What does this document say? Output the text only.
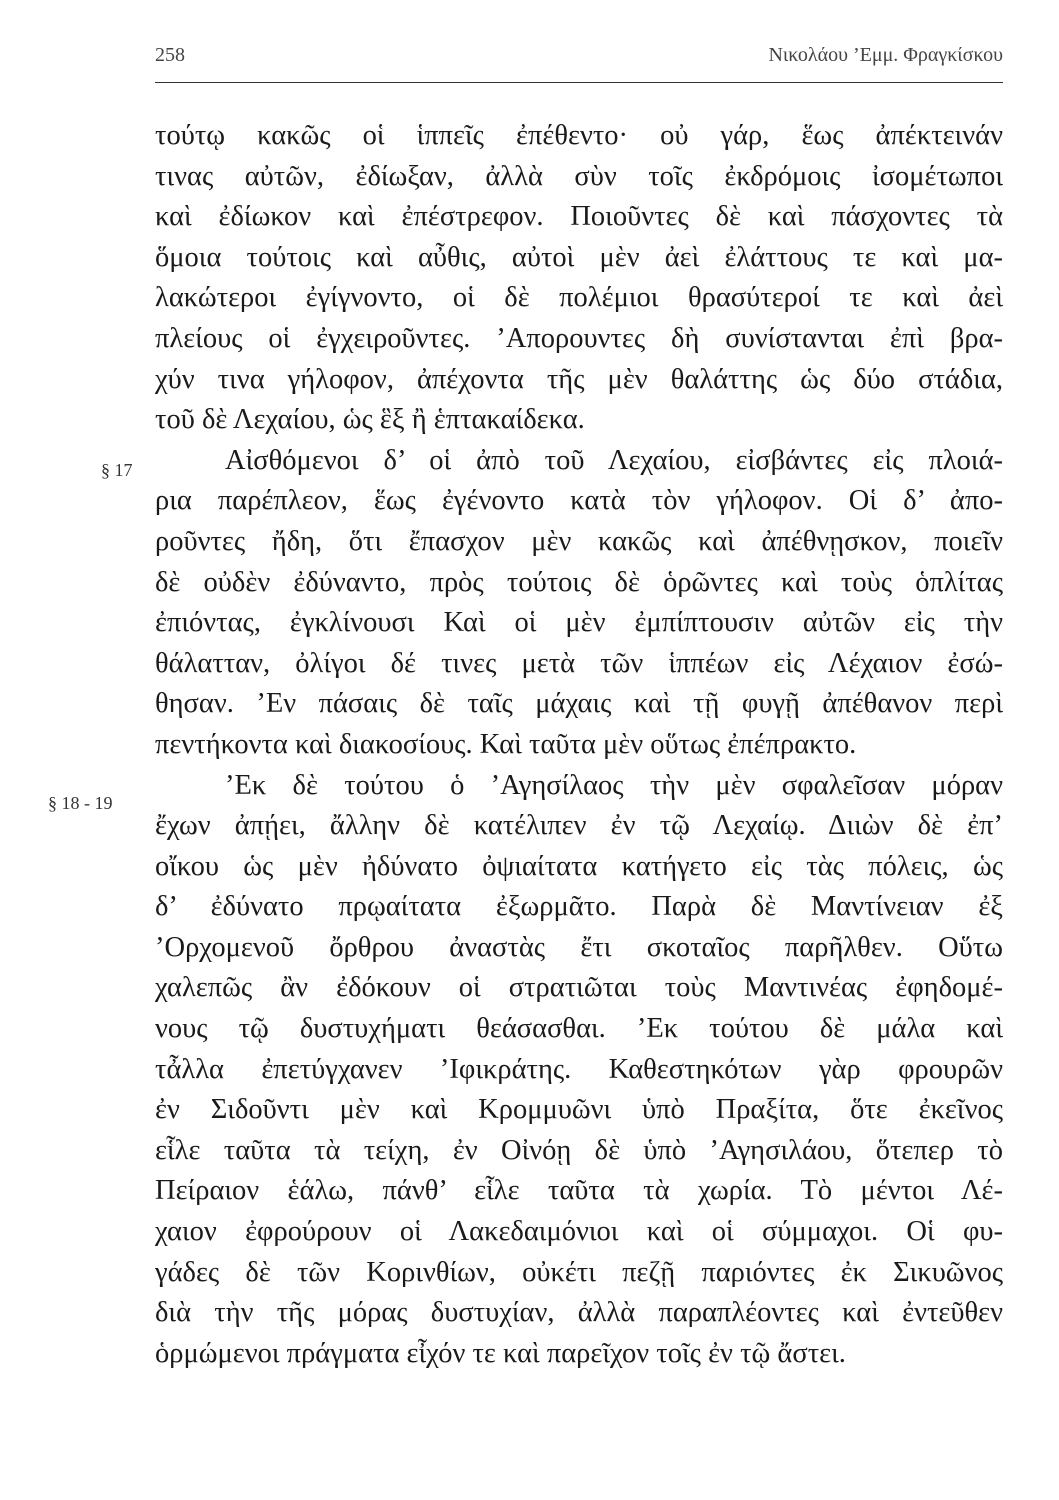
258	Νικολάου ’Εμμ. Φραγκίσκου
§ 17
§ 18 - 19
τούτῳ κακῶς οἱ ἱππεῖς ἐπέθεντο· οὐ γάρ, ἕως ἀπέκτεινάν
τινας αὐτῶν, ἐδίωξαν, ἀλλὰ σὺν τοῖς ἐκδρόμοις ἰσομέτωποι
καὶ ἐδίωκον καὶ ἐπέστρεφον. Ποιοῦντες δὲ καὶ πάσχοντες τὰ
ὅμοια τούτοις καὶ αὖθις, αὐτοὶ μὲν ἀεὶ ἐλάττους τε καὶ μα-
λακώτεροι ἐγίγνοντο, οἱ δὲ πολέμιοι θρασύτεροί τε καὶ ἀεὶ
πλείους οἱ ἐγχειροῦντες. ’Απορουντες δὴ συνίστανται ἐπὶ βρα-
χύν τινα γήλοφον, ἀπέχοντα τῆς μὲν θαλάττης ὡς δύο στάδια,
τοῦ δὲ Λεχαίου, ὡς ἓξ ἢ ἑπτακαίδεκα.
Αἰσθόμενοι δ’ οἱ ἀπὸ τοῦ Λεχαίου, εἰσβάντες εἰς πλοιά-
ρια παρέπλεον, ἕως ἐγένοντο κατὰ τὸν γήλοφον. Οἱ δ’ ἀπο-
ροῦντες ἤδη, ὅτι ἔπασχον μὲν κακῶς καὶ ἀπέθνῃσκον, ποιεῖν
δὲ οὐδὲν ἐδύναντο, πρὸς τούτοις δὲ ὁρῶντες καὶ τοὺς ὁπλίτας
ἐπιόντας, ἐγκλίνουσι Καὶ οἱ μὲν ἐμπίπτουσιν αὐτῶν εἰς τὴν
θάλατταν, ὀλίγοι δέ τινες μετὰ τῶν ἱππέων εἰς Λέχαιον ἐσώ-
θησαν. ’Εν πάσαις δὲ ταῖς μάχαις καὶ τῇ φυγῇ ἀπέθανον περὶ
πεντήκοντα καὶ διακοσίους. Καὶ ταῦτα μὲν οὕτως ἐπέπρακτο.
’Εκ δὲ τούτου ὁ ’Αγησίλαος τὴν μὲν σφαλεῖσαν μόραν
ἔχων ἀπῄει, ἄλλην δὲ κατέλιπεν ἐν τῷ Λεχαίῳ. Διιὼν δὲ ἐπ’
οἴκου ὡς μὲν ἠδύνατο ὀψιαίτατα κατήγετο εἰς τὰς πόλεις, ὡς
δ’ ἐδύνατο πρῳαίτατα ἐξωρμᾶτο. Παρὰ δὲ Μαντίνειαν ἐξ
’Ορχομενοῦ ὄρθρου ἀναστὰς ἔτι σκοταῖος παρῆλθεν. Οὕτω
χαλεπῶς ἂν ἐδόκουν οἱ στρατιῶται τοὺς Μαντινέας ἐφηδομέ-
νους τῷ δυστυχήματι θεάσασθαι. ’Εκ τούτου δὲ μάλα καὶ
τἆλλα ἐπετύγχανεν ’Ιφικράτης. Καθεστηκότων γὰρ φρουρῶν
ἐν Σιδοῦντι μὲν καὶ Κρομμυῶνι ὑπὸ Πραξίτα, ὅτε ἐκεῖνος
εἷλε ταῦτα τὰ τείχη, ἐν Οἰνόῃ δὲ ὑπὸ ’Αγησιλάου, ὅτεπερ τὸ
Πείραιον ἑάλω, πάνθ’ εἷλε ταῦτα τὰ χωρία. Τὸ μέντοι Λέ-
χαιον ἐφρούρουν οἱ Λακεδαιμόνιοι καὶ οἱ σύμμαχοι. Οἱ φυ-
γάδες δὲ τῶν Κορινθίων, οὐκέτι πεζῇ παριόντες ἐκ Σικυῶνος
διὰ τὴν τῆς μόρας δυστυχίαν, ἀλλὰ παραπλέοντες καὶ ἐντεῦθεν
ὁρμώμενοι πράγματα εἶχόν τε καὶ παρεῖχον τοῖς ἐν τῷ ἄστει.
